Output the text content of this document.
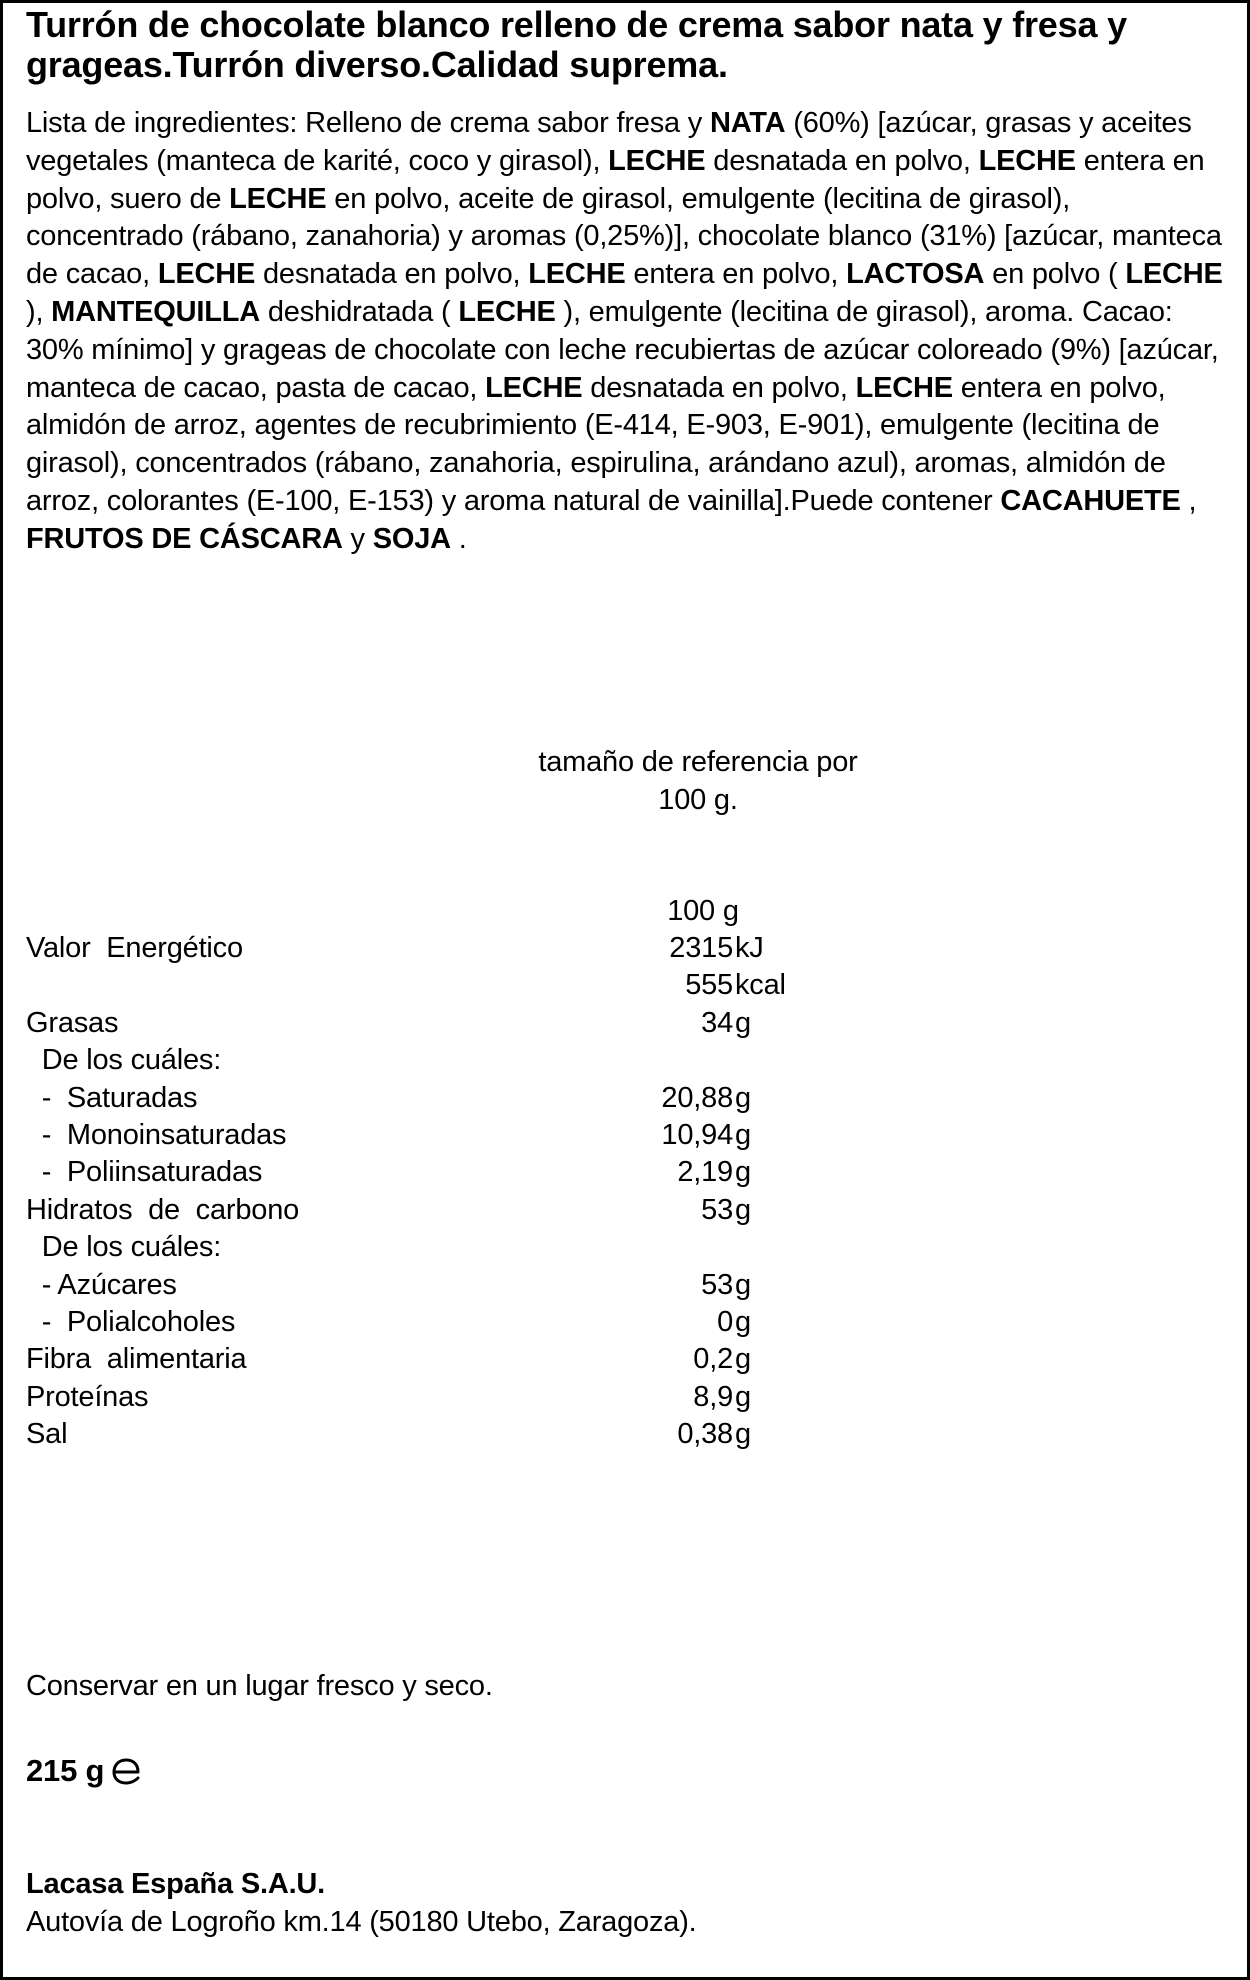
Turrón de chocolate blanco relleno de crema sabor nata y fresa y grageas.Turrón diverso.Calidad suprema.
Lista de ingredientes: Relleno de crema sabor fresa y NATA (60%) [azúcar, grasas y aceites vegetales (manteca de karité, coco y girasol), LECHE desnatada en polvo, LECHE entera en polvo, suero de LECHE en polvo, aceite de girasol, emulgente (lecitina de girasol), concentrado (rábano, zanahoria) y aromas (0,25%)], chocolate blanco (31%) [azúcar, manteca de cacao, LECHE desnatada en polvo, LECHE entera en polvo, LACTOSA en polvo ( LECHE ), MANTEQUILLA deshidratada ( LECHE ), emulgente (lecitina de girasol), aroma. Cacao: 30% mínimo] y grageas de chocolate con leche recubiertas de azúcar coloreado (9%) [azúcar, manteca de cacao, pasta de cacao, LECHE desnatada en polvo, LECHE entera en polvo, almidón de arroz, agentes de recubrimiento (E-414, E-903, E-901), emulgente (lecitina de girasol), concentrados (rábano, zanahoria, espirulina, arándano azul), aromas, almidón de arroz, colorantes (E-100, E-153) y aroma natural de vainilla].Puede contener CACAHUETE , FRUTOS DE CÁSCARA y SOJA .
tamaño de referencia por
100 g.
100 g
Valor  Energético	2315 kJ
555 kcal
Grasas	34 g
De los cuáles:
-  Saturadas	20,88 g
-  Monoinsaturadas	10,94 g
-  Poliinsaturadas	2,19 g
Hidratos  de  carbono	53 g
De los cuáles:
- Azúcares	53 g
-  Polialcoholes	0 g
Fibra  alimentaria	0,2 g
Proteínas	8,9 g
Sal	0,38 g
Conservar en un lugar fresco y seco.
215 g
Lacasa España S.A.U.
Autovía de Logroño km.14 (50180 Utebo, Zaragoza).
